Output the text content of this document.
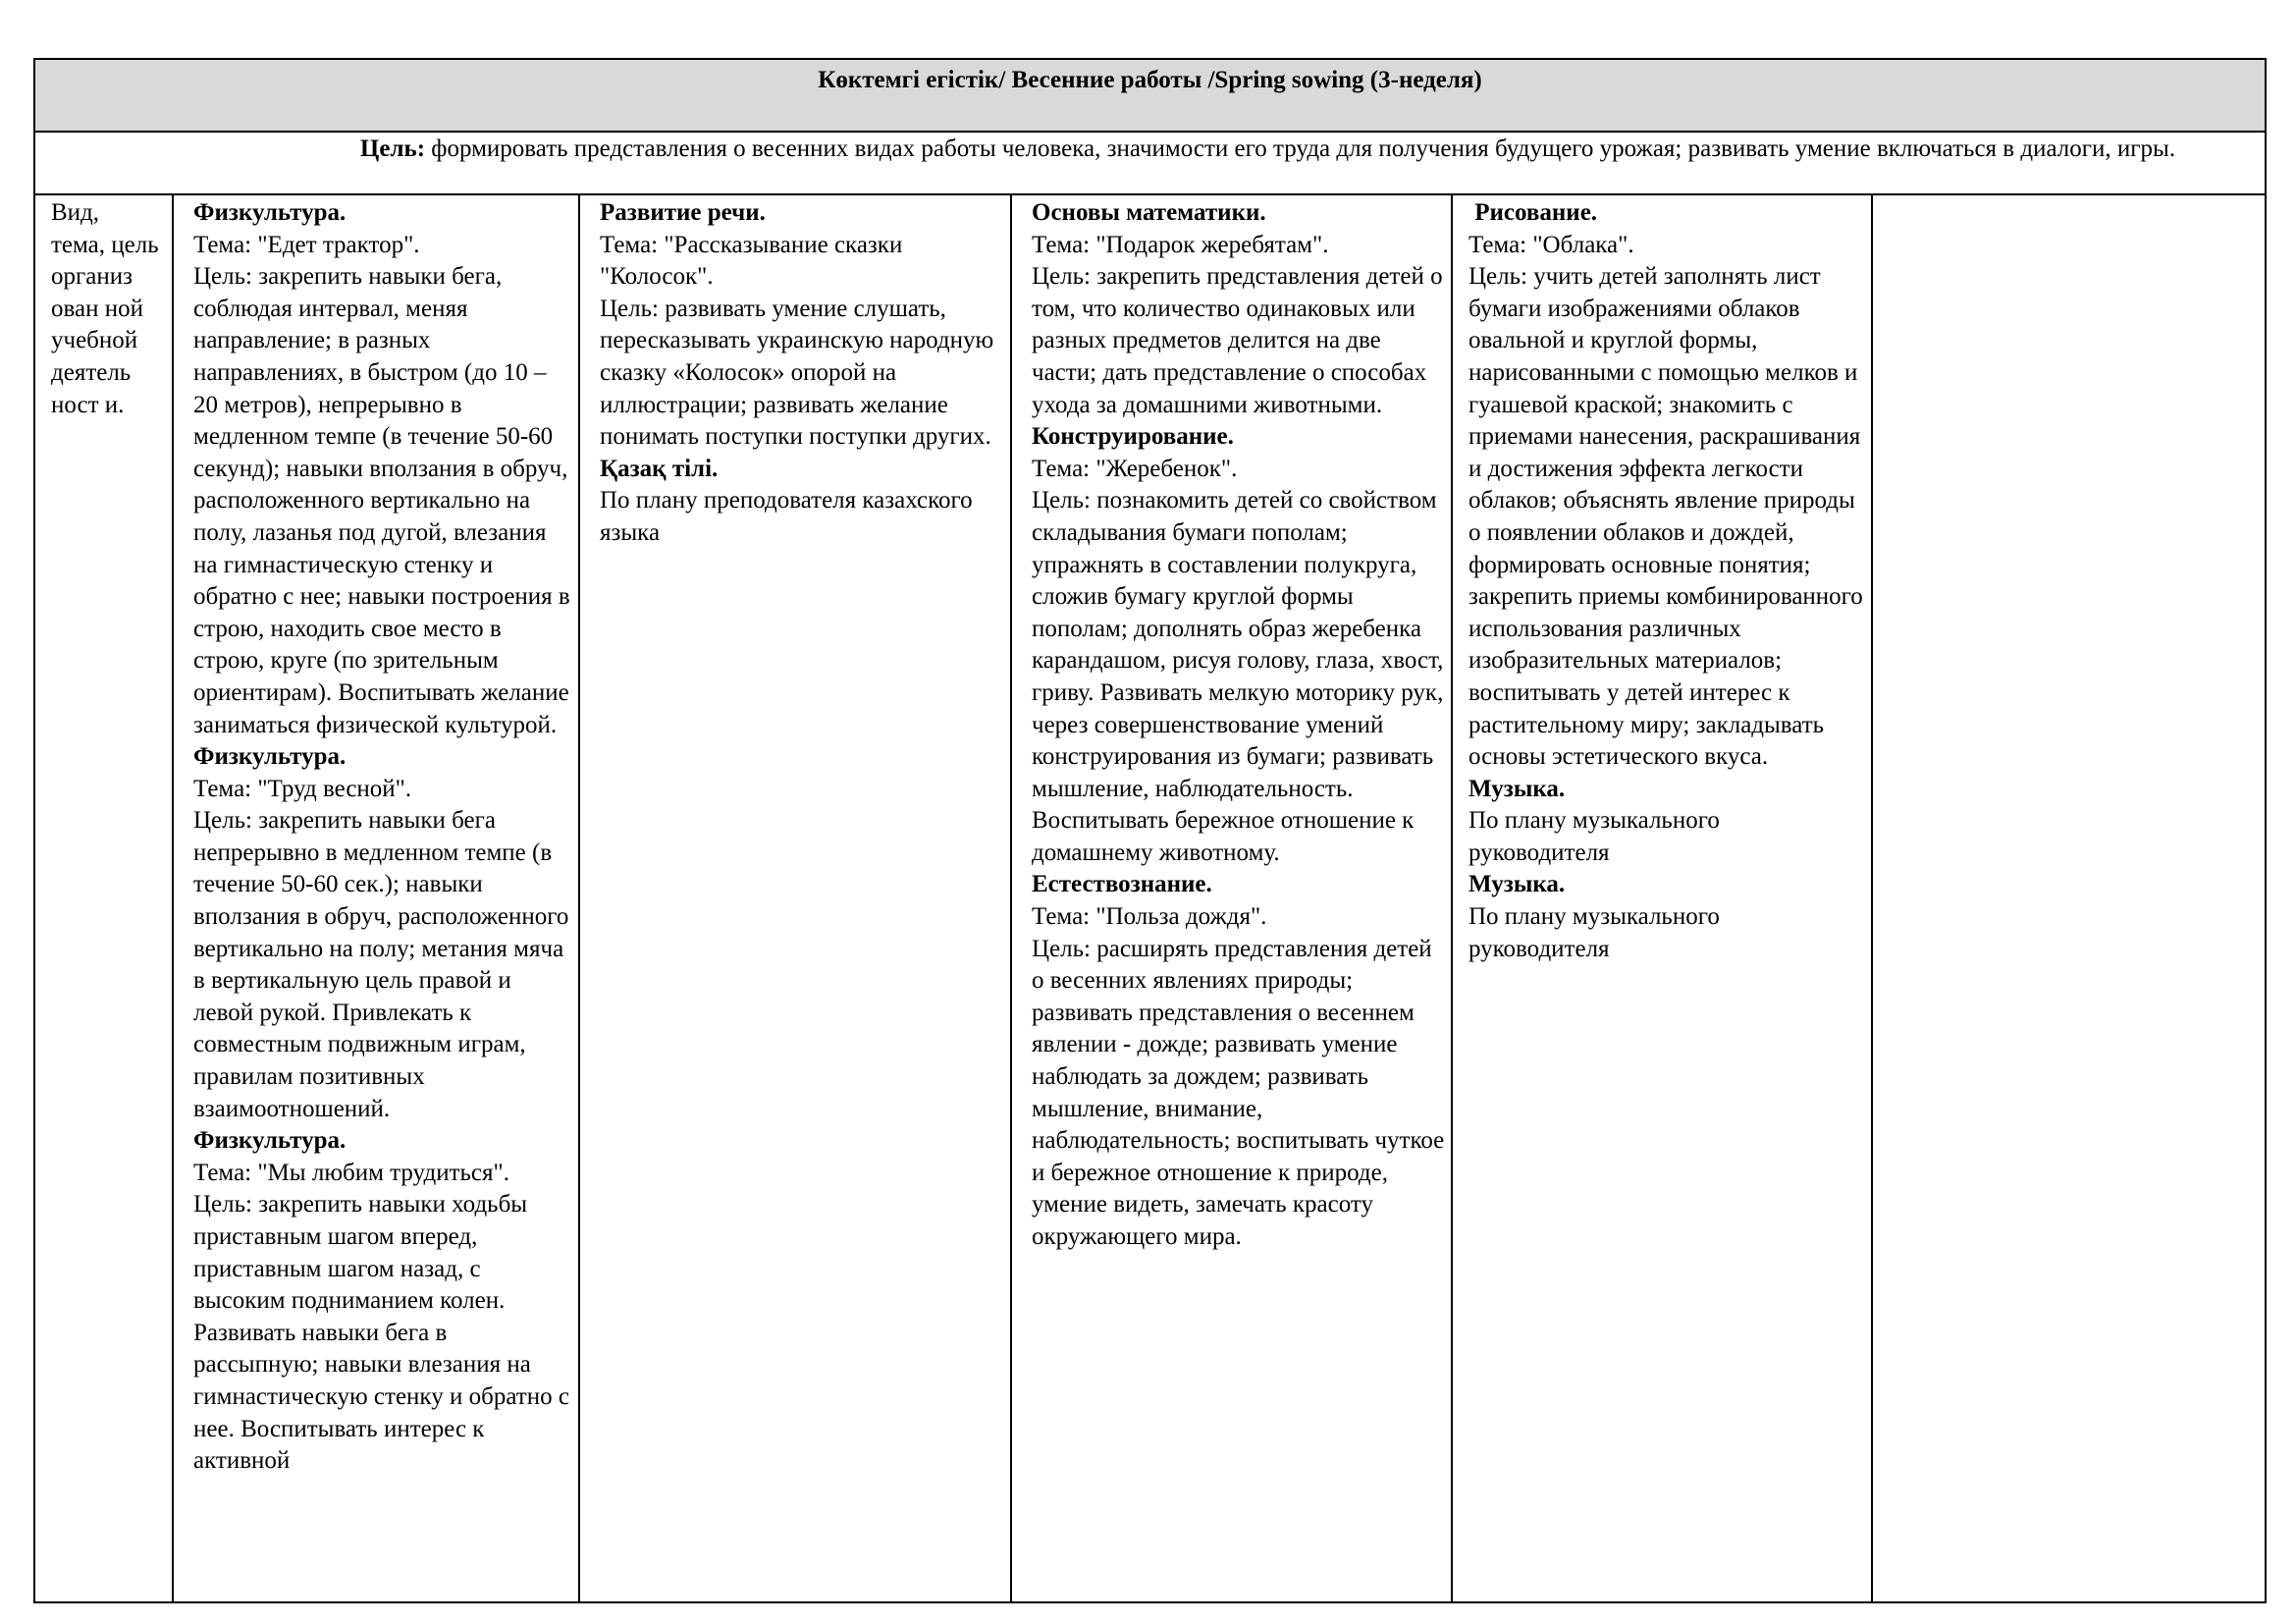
Көктемгі егістік/ Весенние работы /Spring sowing (3-неделя)

Цель: формировать представления о весенних видах работы человека, значимости его труда для получения будущего урожая; развивать умение включаться в диалоги, игры.

Вид, тема, цель организ ован ной учебной деятель ност и.

Физкультура.
Тема: "Едет трактор".
Цель: закрепить навыки бега, соблюдая интервал, меняя направление; в разных направлениях, в быстром (до 10 – 20 метров), непрерывно в медленном темпе (в течение 50-60 секунд); навыки вползания в обруч, расположенного вертикально на полу, лазанья под дугой, влезания на гимнастическую стенку и обратно с нее; навыки построения в строю, находить свое место в строю, круге (по зрительным ориентирам). Воспитывать желание заниматься физической культурой.
Физкультура.
Тема: "Труд весной".
Цель: закрепить навыки бега непрерывно в медленном темпе (в течение 50-60 сек.); навыки вползания в обруч, расположенного вертикально на полу; метания мяча в вертикальную цель правой и левой рукой. Привлекать к совместным подвижным играм, правилам позитивных взаимоотношений.
Физкультура.
Тема: "Мы любим трудиться".
Цель: закрепить навыки ходьбы приставным шагом вперед, приставным шагом назад, с высоким подниманием колен. Развивать навыки бега в рассыпную; навыки влезания на гимнастическую стенку и обратно с нее. Воспитывать интерес к активной

Развитие речи.
Тема: "Рассказывание сказки "Колосок".
Цель: развивать умение слушать, пересказывать украинскую народную сказку «Колосок» опорой на иллюстрации; развивать желание понимать поступки поступки других.
Қазақ тілі.
По плану преподователя казахского языка

Основы математики.
Тема: "Подарок жеребятам".
Цель: закрепить представления детей о том, что количество одинаковых или разных предметов делится на две части; дать представление о способах ухода за домашними животными. Конструирование.
Тема: "Жеребенок".
Цель: познакомить детей со свойством складывания бумаги пополам; упражнять в составлении полукруга, сложив бумагу круглой формы пополам; дополнять образ жеребенка карандашом, рисуя голову, глаза, хвост, гриву. Развивать мелкую моторику рук, через совершенствование умений конструирования из бумаги; развивать мышление, наблюдательность. Воспитывать бережное отношение к домашнему животному.
Естествознание.
Тема: "Польза дождя".
Цель: расширять представления детей о весенних явлениях природы; развивать представления о весеннем явлении - дожде; развивать умение наблюдать за дождем; развивать мышление, внимание, наблюдательность; воспитывать чуткое и бережное отношение к природе, умение видеть, замечать красоту окружающего мира.

Рисование.
Тема: "Облака".
Цель: учить детей заполнять лист бумаги изображениями облаков овальной и круглой формы, нарисованными с помощью мелков и гуашевой краской; знакомить с приемами нанесения, раскрашивания и достижения эффекта легкости облаков; объяснять явление природы о появлении облаков и дождей, формировать основные понятия; закрепить приемы комбинированного использования различных изобразительных материалов; воспитывать у детей интерес к растительному миру; закладывать основы эстетического вкуса.
Музыка.
По плану музыкального руководителя
Музыка.
По плану музыкального руководителя
